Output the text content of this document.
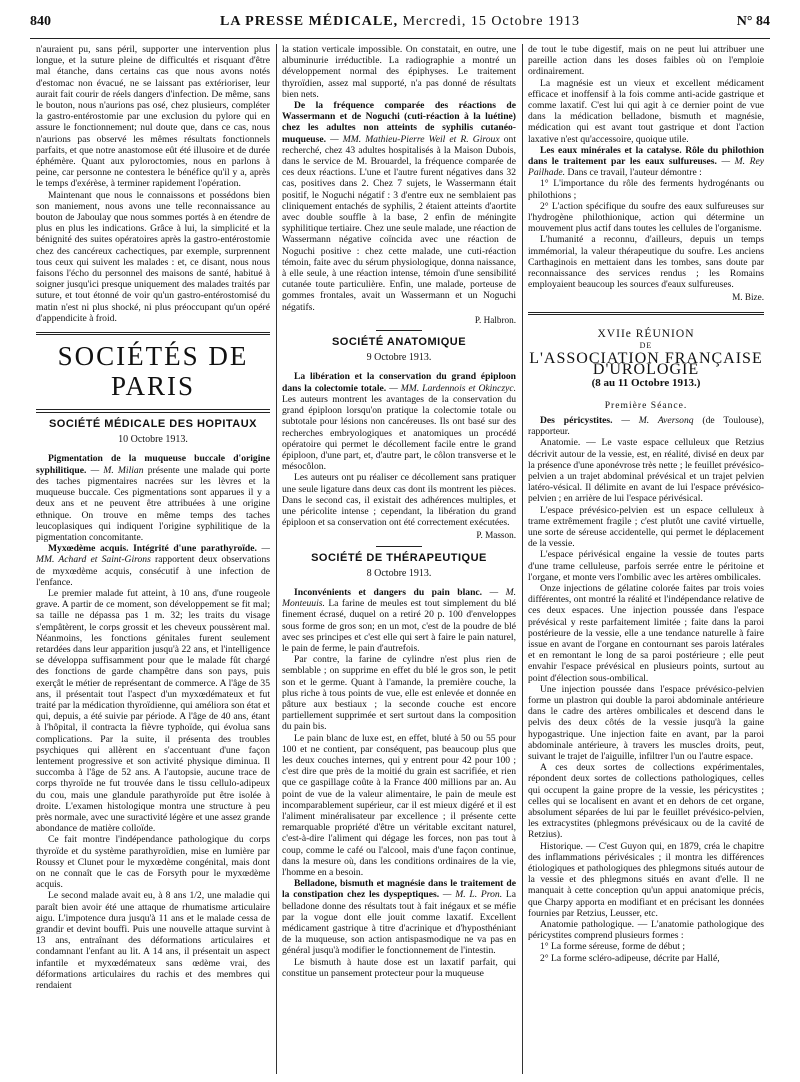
840	LA PRESSE MÉDICALE, Mercredi, 15 Octobre 1913	N° 84

n'auraient pu, sans péril, supporter une intervention plus longue, et la suture pleine de difficultés et risquant d'être mal étanche, dans certains cas que nous avons notés d'estomac non évacué, ne se laissant pas extérioriser, leur aurait fait courir de réels dangers d'infection. De même, sans le bouton, nous n'aurions pas osé, chez plusieurs, compléter la gastro-entérostomie par une exclusion du pylore qui en assure le fonctionnement; nul doute que, dans ce cas, nous n'aurions pas observé les mêmes résultats fonctionnels parfaits, et que notre anastomose eût été illusoire et de durée éphémère. Quant aux pyloroctomies, nous en parlons à peine, car personne ne contestera le bénéfice qu'il y a, après le temps d'exérèse, à terminer rapidement l'opération.

Maintenant que nous le connaissons et possédons bien son maniement, nous avons une telle reconnaissance au bouton de Jaboulay que nous sommes portés à en étendre de plus en plus les indications. Grâce à lui, la simplicité et la bénignité des suites opératoires après la gastro-entérostomie chez des cancéreux cachectiques, par exemple, surprennent tous ceux qui suivent les malades : et, ce disant, nous nous faisons l'écho du personnel des maisons de santé, habitué à soigner jusqu'ici presque uniquement des malades traités par suture, et tout étonné de voir qu'un gastro-entérostomisé du matin n'est ni plus shocké, ni plus préoccupant qu'un opéré d'appendicite à froid.

SOCIÉTÉS DE PARIS
SOCIÉTÉ MÉDICALE DES HOPITAUX
10 Octobre 1913.

Pigmentation de la muqueuse buccale d'origine syphilitique. — M. Milian présente une malade qui porte des taches pigmentaires nacrées sur les lèvres et la muqueuse buccale. Ces pigmentations sont apparues il y a deux ans et ne peuvent être attribuées à une origine ethnique. On trouve en même temps des taches leucoplasiques qui indiquent l'origine syphilitique de la pigmentation concomitante.

Myxœdème acquis. Intégrité d'une parathyroïde. — MM. Achard et Saint-Girons rapportent deux observations de myxœdème acquis, consécutif à une infection de l'enfance.

Le premier malade fut atteint, à 10 ans, d'une rougeole grave. A partir de ce moment, son développement se fit mal; sa taille ne dépassa pas 1 m. 32; les traits du visage s'empâtèrent, le corps grossit et les cheveux poussèrent mal. Néanmoins, les fonctions génitales furent seulement retardées dans leur apparition jusqu'à 22 ans, et l'intelligence se développa suffisamment pour que le malade fût chargé des fonctions de garde champêtre dans son pays, puis exerçât le métier de représentant de commerce. A l'âge de 35 ans, il présentait tout l'aspect d'un myxœdémateux et fut traité par la médication thyroïdienne, qui améliora son état et qui, depuis, a été suivie par période. A l'âge de 40 ans, étant à l'hôpital, il contracta la fièvre typhoïde, qui évolua sans complications. Par la suite, il présenta des troubles psychiques qui allèrent en s'accentuant d'une façon lentement progressive et son activité physique diminua. Il succomba à l'âge de 52 ans. A l'autopsie, aucune trace de corps thyroïde ne fut trouvée dans le tissu cellulo-adipeux du cou, mais une glandule parathyroïde put être isolée à droite. L'examen histologique montra une structure à peu près normale, avec une suractivité légère et une assez grande abondance de matière colloïde.

Ce fait montre l'indépendance pathologique du corps thyroïde et du système parathyroïdien, mise en lumière par Roussy et Clunet pour le myxœdème congénital, mais dont on ne connaît que le cas de Forsyth pour le myxœdème acquis.

Le second malade avait eu, à 8 ans 1/2, une maladie qui paraît bien avoir été une attaque de rhumatisme articulaire aigu. L'impotence dura jusqu'à 11 ans et le malade cessa de grandir et devint bouffi. Puis une nouvelle attaque survint à 13 ans, entraînant des déformations articulaires et condamnant l'enfant au lit. A 14 ans, il présentait un aspect infantile et myxœdémateux sans œdème vrai, des déformations articulaires du rachis et des membres qui rendaient

la station verticale impossible. On constatait, en outre, une albuminurie irréductible. La radiographie a montré un développement normal des épiphyses. Le traitement thyroïdien, assez mal supporté, n'a pas donné de résultats bien nets.

De la fréquence comparée des réactions de Wassermann et de Noguchi (cuti-réaction à la luétine) chez les adultes non atteints de syphilis cutanéo-muqueuse. — MM. Mathieu-Pierre Weil et R. Giroux ont recherché, chez 43 adultes hospitalisés à la Maison Dubois, dans le service de M. Brouardel, la fréquence comparée de ces deux réactions. L'une et l'autre furent négatives dans 32 cas, positives dans 2. Chez 7 sujets, le Wassermann était positif, le Noguchi négatif : 3 d'entre eux ne semblaient pas cliniquement entachés de syphilis, 2 étaient atteints d'aortite avec double souffle à la base, 2 enfin de méningite syphilitique tertiaire. Chez une seule malade, une réaction de Wassermann négative coïncida avec une réaction de Noguchi positive : chez cette malade, une cuti-réaction témoin, faite avec du sérum physiologique, donna naissance, à elle seule, à une réaction intense, témoin d'une sensibilité cutanée toute particulière. Enfin, une malade, porteuse de gommes frontales, avait un Wassermann et un Noguchi négatifs.

P. Halbron.
SOCIÉTÉ ANATOMIQUE
9 Octobre 1913.

La libération et la conservation du grand épiploon dans la colectomie totale. — MM. Lardennois et Okinczyc. Les auteurs montrent les avantages de la conservation du grand épiploon lorsqu'on pratique la colectomie totale ou subtotale pour lésions non cancéreuses. Ils ont basé sur des recherches embryologiques et anatomiques un procédé opératoire qui permet le décollement facile entre le grand épiploon, d'une part, et, d'autre part, le côlon transverse et le mésocôlon.

Les auteurs ont pu réaliser ce décollement sans pratiquer une seule ligature dans deux cas dont ils montrent les pièces. Dans le second cas, il existait des adhérences multiples, et une péricolite intense ; cependant, la libération du grand épiploon et sa conservation ont été correctement exécutées.

P. Masson.
SOCIÉTÉ DE THÉRAPEUTIQUE
8 Octobre 1913.

Inconvénients et dangers du pain blanc. — M. Monteuuis. La farine de meules est tout simplement du blé finement écrasé, duquel on a retiré 20 p. 100 d'enveloppes sous forme de gros son; en un mot, c'est de la poudre de blé avec ses principes et c'est elle qui sert à faire le pain naturel, le pain de ferme, le pain d'autrefois.

Par contre, la farine de cylindre n'est plus rien de semblable ; on supprime en effet du blé le gros son, le petit son et le germe. Quant à l'amande, la première couche, la plus riche à tous points de vue, elle est enlevée et donnée en pâture aux bestiaux ; la seconde couche est encore partiellement supprimée et sert surtout dans la composition du pain bis.

Le pain blanc de luxe est, en effet, bluté à 50 ou 55 pour 100 et ne contient, par conséquent, pas beaucoup plus que les deux couches internes, qui y entrent pour 42 pour 100 ; c'est dire que près de la moitié du grain est sacrifiée, et rien que ce gaspillage coûte à la France 400 millions par an. Au point de vue de la valeur alimentaire, le pain de meule est incomparablement supérieur, car il est mieux digéré et il est l'aliment minéralisateur par excellence ; il présente cette remarquable propriété d'être un véritable excitant naturel, c'est-à-dire l'aliment qui dégage les forces, non pas tout à coup, comme le café ou l'alcool, mais d'une façon continue, dans la mesure où, dans les conditions ordinaires de la vie, l'homme en a besoin.

Belladone, bismuth et magnésie dans le traitement de la constipation chez les dyspeptiques. — M. L. Pron. La belladone donne des résultats tout à fait inégaux et se méfie par la vogue dont elle jouit comme laxatif. Excellent médicament gastrique à titre d'acrinique et d'hyposthéniant de la muqueuse, son action antispasmodique ne va pas en général jusqu'à modifier le fonctionnement de l'intestin.

Le bismuth à haute dose est un laxatif parfait, qui constitue un pansement protecteur pour la muqueuse

de tout le tube digestif, mais on ne peut lui attribuer une pareille action dans les doses faibles où on l'emploie ordinairement.

La magnésie est un vieux et excellent médicament efficace et inoffensif à la fois comme anti-acide gastrique et comme laxatif. C'est lui qui agit à ce dernier point de vue dans la médication belladone, bismuth et magnésie, médication qui est avant tout gastrique et dont l'action laxative n'est qu'accessoire, quoique utile.

Les eaux minérales et la catalyse. Rôle du philothion dans le traitement par les eaux sulfureuses. — M. Rey Pailhade. Dans ce travail, l'auteur démontre :

1° L'importance du rôle des ferments hydrogénants ou philothions ;

2° L'action spécifique du soufre des eaux sulfureuses sur l'hydrogène philothionique, action qui détermine un mouvement plus actif dans toutes les cellules de l'organisme.

L'humanité a reconnu, d'ailleurs, depuis un temps immémorial, la valeur thérapeutique du soufre. Les anciens Carthaginois en mettaient dans les tombes, sans doute par reconnaissance des services rendus ; les Romains employaient beaucoup les sources d'eaux sulfureuses.

M. Bize.
XVIIe RÉUNION
DE
L'ASSOCIATION FRANÇAISE D'UROLOGIE
(8 au 11 Octobre 1913.)
Première Séance.

Des péricystites. — M. Aversonq (de Toulouse), rapporteur.

Anatomie. — Le vaste espace celluleux que Retzius décrivit autour de la vessie, est, en réalité, divisé en deux par la présence d'une aponévrose très nette ; le feuillet prévésico-pelvien a un trajet abdominal prévésical et un trajet pelvien latéro-vésical. Il délimite en avant de lui l'espace prévésico-pelvien ; en arrière de lui l'espace périvésical.

L'espace prévésico-pelvien est un espace celluleux à trame extrêmement fragile ; c'est plutôt une cavité virtuelle, une sorte de séreuse accidentelle, qui permet le déplacement de la vessie.

L'espace périvésical engaine la vessie de toutes parts d'une trame celluleuse, parfois serrée entre le péritoine et l'organe, et monte vers l'ombilic avec les artères ombilicales.

Onze injections de gélatine colorée faites par trois voies différentes, ont montré la réalité et l'indépendance relative de ces deux espaces. Une injection poussée dans l'espace prévésical y reste parfaitement limitée ; faite dans la paroi postérieure de la vessie, elle a une tendance naturelle à faire issue en avant de l'organe en contournant ses parois latérales et en remontant le long de sa paroi postérieure ; elle peut envahir l'espace prévésical en plusieurs points, surtout au point d'élection sous-ombilical.

Une injection poussée dans l'espace prévésico-pelvien forme un plastron qui double la paroi abdominale antérieure dans le cadre des artères ombilicales et descend dans le pelvis des deux côtés de la vessie jusqu'à la gaine hypogastrique. Une injection faite en avant, par la paroi abdominale antérieure, à travers les muscles droits, peut, suivant le trajet de l'aiguille, infiltrer l'un ou l'autre espace.

A ces deux sortes de collections expérimentales, répondent deux sortes de collections pathologiques, celles qui occupent la gaine propre de la vessie, les péricystites ; celles qui se localisent en avant et en dehors de cet organe, absolument séparées de lui par le feuillet prévésico-pelvien, les extracystites (phlegmons prévésicaux ou de la cavité de Retzius).

Historique. — C'est Guyon qui, en 1879, créa le chapitre des inflammations périvésicales ; il montra les différences étiologiques et pathologiques des phlegmons situés autour de la vessie et des phlegmons situés en avant d'elle. Il ne manquait à cette conception qu'un appui anatomique précis, que Charpy apporta en modifiant et en précisant les données fournies par Retzius, Leusser, etc.

Anatomie pathologique. — L'anatomie pathologique des péricystites comprend plusieurs formes :

1° La forme séreuse, forme de début ;

2° La forme scléro-adipeuse, décrite par Hallé,
